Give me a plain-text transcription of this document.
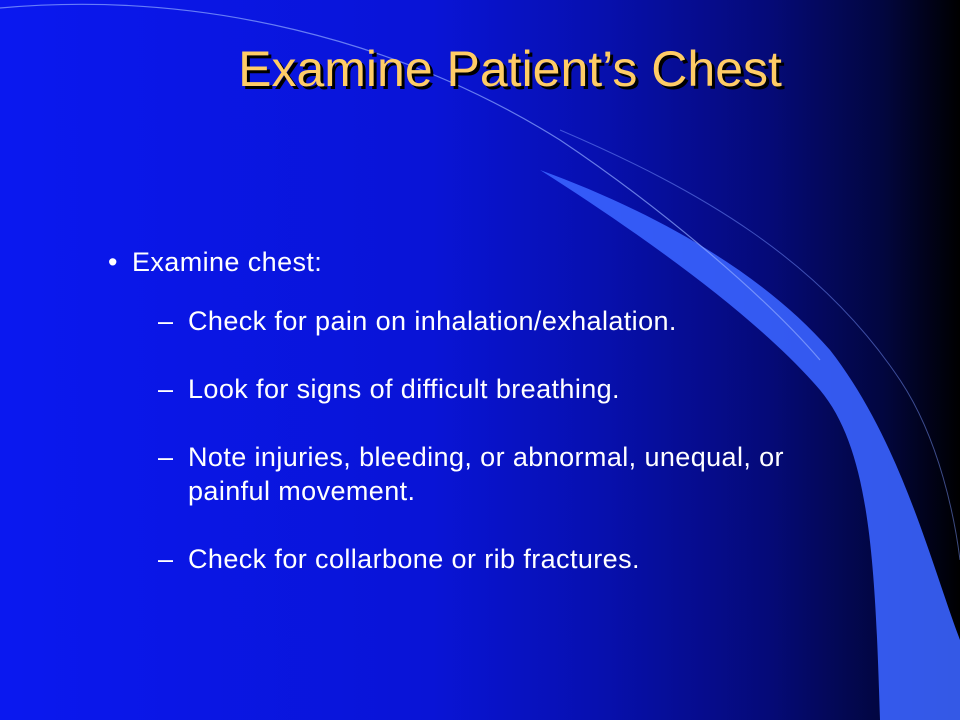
Examine Patient’s Chest
• Examine chest:
– Check for pain on inhalation/exhalation.
– Look for signs of difficult breathing.
– Note injuries, bleeding, or abnormal, unequal, or painful movement.
– Check for collarbone or rib fractures.
